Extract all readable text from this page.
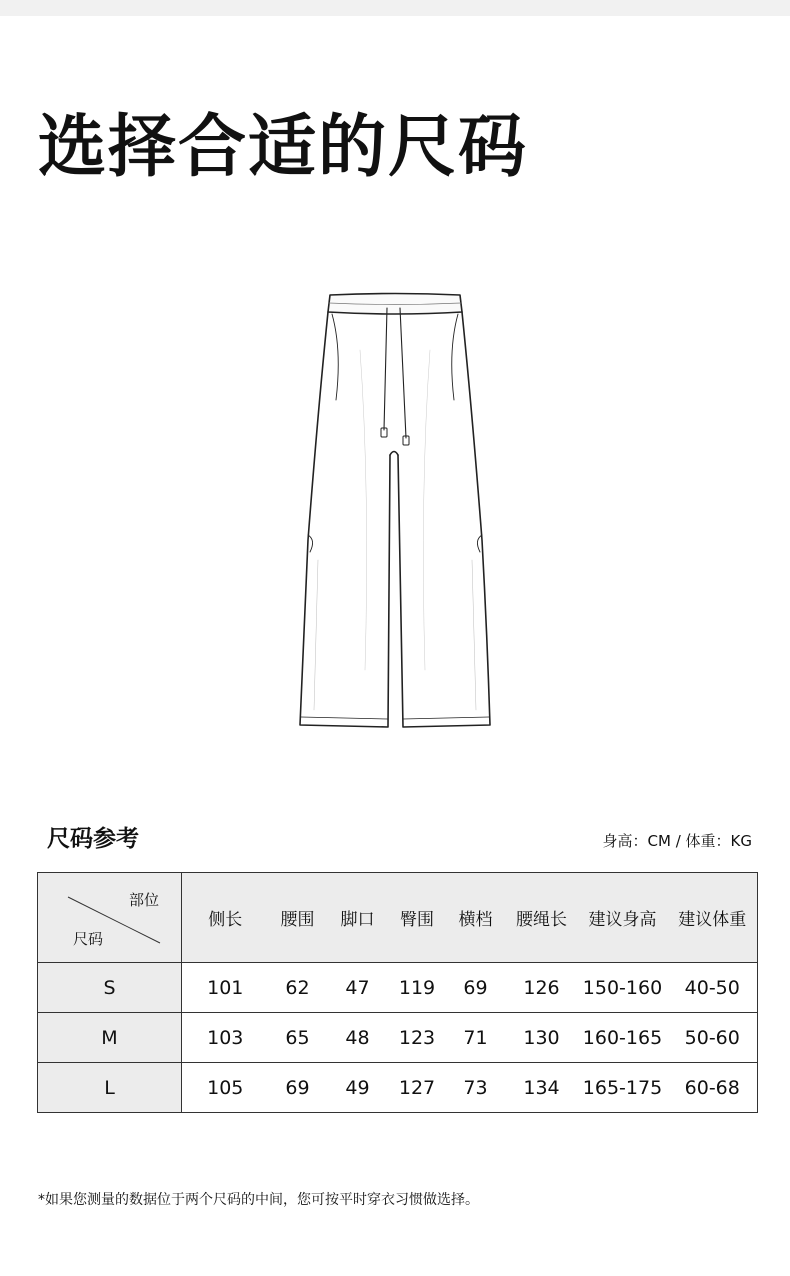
选择合适的尺码
尺码参考	身高：CM / 体重：KG
部位
尺码	侧长	腰围	脚口	臀围	横档	腰绳长	建议身高	建议体重
S	101	62	47	119	69	126	150-160	40-50
M	103	65	48	123	71	130	160-165	50-60
L	105	69	49	127	73	134	165-175	60-68
*如果您测量的数据位于两个尺码的中间，您可按平时穿衣习惯做选择。
